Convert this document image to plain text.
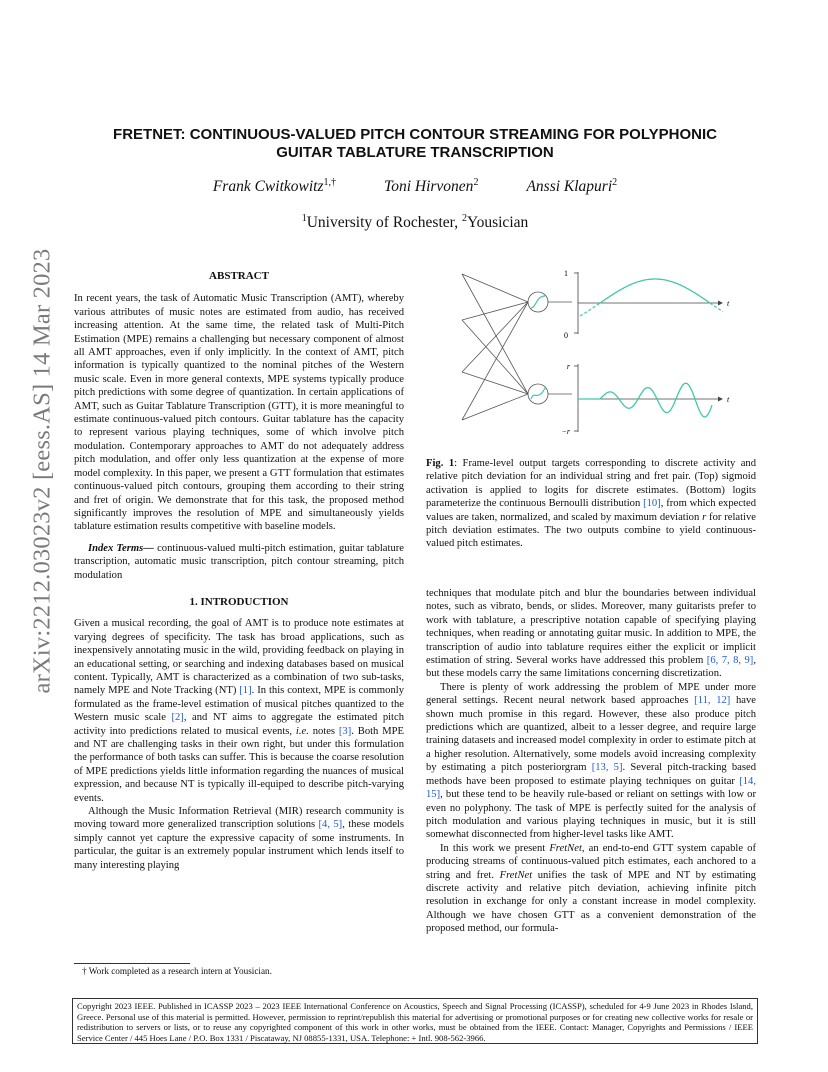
arXiv:2212.03023v2 [eess.AS] 14 Mar 2023
FRETNET: CONTINUOUS-VALUED PITCH CONTOUR STREAMING FOR POLYPHONIC
GUITAR TABLATURE TRANSCRIPTION
Frank Cwitkowitz$^{1,\dagger}$	Toni Hirvonen$^2$	Anssi Klapuri$^2$
$^1$University of Rochester, $^2$Yousician

ABSTRACT

In recent years, the task of Automatic Music Transcription (AMT), whereby various attributes of music notes are estimated from audio, has received increasing attention. At the same time, the related task of Multi-Pitch Estimation (MPE) remains a challenging but necessary component of almost all AMT approaches, even if only implicitly. In the context of AMT, pitch information is typically quantized to the nominal pitches of the Western music scale. Even in more general contexts, MPE systems typically produce pitch predictions with some degree of quantization. In certain applications of AMT, such as Guitar Tablature Transcription (GTT), it is more meaningful to estimate continuous-valued pitch contours. Guitar tablature has the capacity to represent various playing techniques, some of which involve pitch modulation. Contemporary approaches to AMT do not adequately address pitch modulation, and offer only less quantization at the expense of more model complexity. In this paper, we present a GTT formulation that estimates continuous-valued pitch contours, grouping them according to their string and fret of origin. We demonstrate that for this task, the proposed method significantly improves the resolution of MPE and simultaneously yields tablature estimation results competitive with baseline models.

Index Terms— continuous-valued multi-pitch estimation, guitar tablature transcription, automatic music transcription, pitch contour streaming, pitch modulation

1. INTRODUCTION

Given a musical recording, the goal of AMT is to produce note estimates at varying degrees of specificity. The task has broad applications, such as inexpensively annotating music in the wild, providing feedback on playing in an educational setting, or searching and indexing databases based on musical content. Typically, AMT is characterized as a combination of two sub-tasks, namely MPE and Note Tracking (NT) [1]. In this context, MPE is commonly formulated as the frame-level estimation of musical pitches quantized to the Western music scale [2], and NT aims to aggregate the estimated pitch activity into predictions related to musical events, i.e. notes [3]. Both MPE and NT are challenging tasks in their own right, but under this formulation the performance of both tasks can suffer. This is because the coarse resolution of MPE predictions yields little information regarding the nuances of musical expression, and because NT is typically ill-equiped to describe pitch-varying events.

Although the Music Information Retrieval (MIR) research community is moving toward more generalized transcription solutions [4, 5], these models simply cannot yet capture the expressive capacity of some instruments. In particular, the guitar is an extremely popular instrument which lends itself to many interesting playing

† Work completed as a research intern at Yousician.
1
0
t
r
−r
t

Fig. 1: Frame-level output targets corresponding to discrete activity and relative pitch deviation for an individual string and fret pair. (Top) sigmoid activation is applied to logits for discrete estimates. (Bottom) logits parameterize the continuous Bernoulli distribution [10], from which expected values are taken, normalized, and scaled by maximum deviation r for relative pitch deviation estimates. The two outputs combine to yield continuous-valued pitch estimates.

techniques that modulate pitch and blur the boundaries between individual notes, such as vibrato, bends, or slides. Moreover, many guitarists prefer to work with tablature, a prescriptive notation capable of specifying playing techniques, when reading or annotating guitar music. In addition to MPE, the transcription of audio into tablature requires either the explicit or implicit estimation of string. Several works have addressed this problem [6, 7, 8, 9], but these models carry the same limitations concerning discretization.

There is plenty of work addressing the problem of MPE under more general settings. Recent neural network based approaches [11, 12] have shown much promise in this regard. However, these also produce pitch predictions which are quantized, albeit to a lesser degree, and require large training datasets and increased model complexity in order to estimate pitch at a higher resolution. Alternatively, some models avoid increasing complexity by estimating a pitch posteriorgram [13, 5]. Several pitch-tracking based methods have been proposed to estimate playing techniques on guitar [14, 15], but these tend to be heavily rule-based or reliant on settings with low or even no polyphony. The task of MPE is perfectly suited for the analysis of pitch modulation and various playing techniques in music, but it is still somewhat disconnected from higher-level tasks like AMT.

In this work we present FretNet, an end-to-end GTT system capable of producing streams of continuous-valued pitch estimates, each anchored to a string and fret. FretNet unifies the task of MPE and NT by estimating discrete activity and relative pitch deviation, achieving infinite pitch resolution in exchange for only a constant increase in model complexity. Although we have chosen GTT as a convenient demonstration of the proposed method, our formula-

Copyright 2023 IEEE. Published in ICASSP 2023 – 2023 IEEE International Conference on Acoustics, Speech and Signal Processing (ICASSP), scheduled for 4-9 June 2023 in Rhodes Island, Greece. Personal use of this material is permitted. However, permission to reprint/republish this material for advertising or promotional purposes or for creating new collective works for resale or redistribution to servers or lists, or to reuse any copyrighted component of this work in other works, must be obtained from the IEEE. Contact: Manager, Copyrights and Permissions / IEEE Service Center / 445 Hoes Lane / P.O. Box 1331 / Piscataway, NJ 08855-1331, USA. Telephone: + Intl. 908-562-3966.
